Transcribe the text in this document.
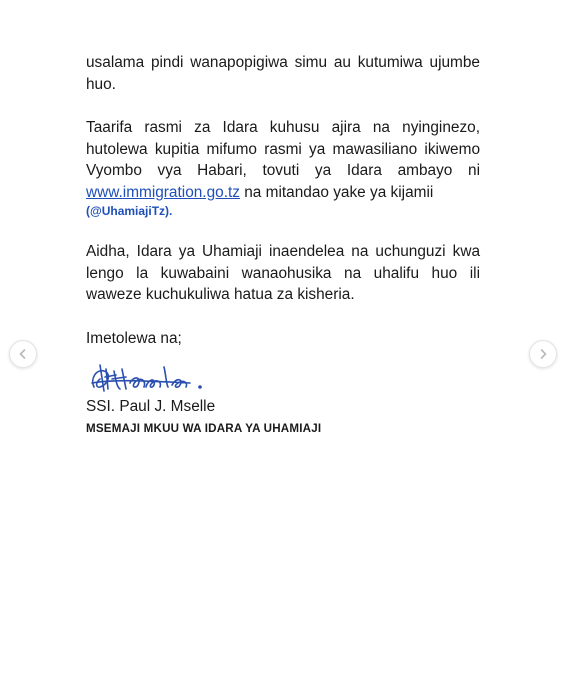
usalama pindi wanapopigiwa simu au kutumiwa ujumbe huo.

Taarifa rasmi za Idara kuhusu ajira na nyinginezo, hutolewa kupitia mifumo rasmi ya mawasiliano ikiwemo Vyombo vya Habari, tovuti ya Idara ambayo ni www.immigration.go.tz na mitandao yake ya kijamii
(@UhamiajiTz).

Aidha, Idara ya Uhamiaji inaendelea na uchunguzi kwa lengo la kuwabaini wanaohusika na uhalifu huo ili waweze kuchukuliwa hatua za kisheria.

Imetolewa na;

SSI. Paul J. Mselle

MSEMAJI MKUU WA IDARA YA UHAMIAJI
